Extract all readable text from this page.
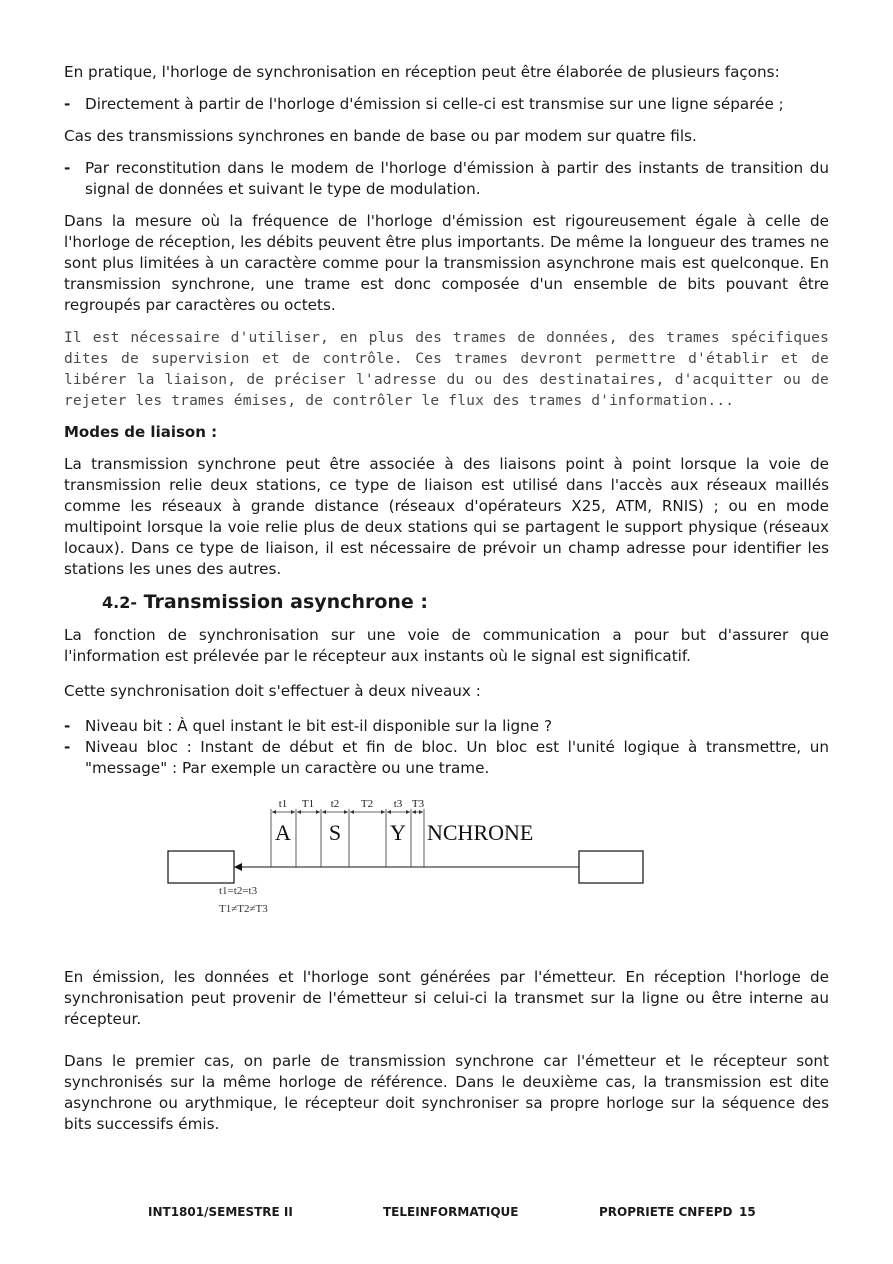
En pratique, l'horloge de synchronisation en réception peut être élaborée de plusieurs façons:

- Directement à partir de l'horloge d'émission si celle-ci est transmise sur une ligne séparée ;

Cas des transmissions synchrones en bande de base ou par modem sur quatre fils.

- Par reconstitution dans le modem de l'horloge d'émission à partir des instants de transition du signal de données et suivant le type de modulation.

Dans la mesure où la fréquence de l'horloge d'émission est rigoureusement égale à celle de l'horloge de réception, les débits peuvent être plus importants. De même la longueur des trames ne sont plus limitées à un caractère comme pour la transmission asynchrone mais est quelconque. En transmission synchrone, une trame est donc composée d'un ensemble de bits pouvant être regroupés par caractères ou octets.

Il est nécessaire d'utiliser, en plus des trames de données, des trames spécifiques dites de supervision et de contrôle. Ces trames devront permettre d'établir et de libérer la liaison, de préciser l'adresse du ou des destinataires, d'acquitter ou de rejeter les trames émises, de contrôler le flux des trames d'information...

Modes de liaison :

La transmission synchrone peut être associée à des liaisons point à point lorsque la voie de transmission relie deux stations, ce type de liaison est utilisé dans l'accès aux réseaux maillés comme les réseaux à grande distance (réseaux d'opérateurs X25, ATM, RNIS) ; ou en mode multipoint lorsque la voie relie plus de deux stations qui se partagent le support physique (réseaux locaux). Dans ce type de liaison, il est nécessaire de prévoir un champ adresse pour identifier les stations les unes des autres.

4.2- Transmission asynchrone :

La fonction de synchronisation sur une voie de communication a pour but d'assurer que l'information est prélevée par le récepteur aux instants où le signal est significatif.

Cette synchronisation doit s'effectuer à deux niveaux :

- Niveau bit : À quel instant le bit est-il disponible sur la ligne ?
- Niveau bloc : Instant de début et fin de bloc. Un bloc est l'unité logique à transmettre, un "message" : Par exemple un caractère ou une trame.
t1 T1 t2 T2 t3 T3
A S Y NCHRONE
t1=t2=t3
T1≠T2≠T3

En émission, les données et l'horloge sont générées par l'émetteur. En réception l'horloge de synchronisation peut provenir de l'émetteur si celui-ci la transmet sur la ligne ou être interne au récepteur.

Dans le premier cas, on parle de transmission synchrone car l'émetteur et le récepteur sont synchronisés sur la même horloge de référence. Dans le deuxième cas, la transmission est dite asynchrone ou arythmique, le récepteur doit synchroniser sa propre horloge sur la séquence des bits successifs émis.

INT1801/SEMESTRE II	TELEINFORMATIQUE	PROPRIETE CNFEPD 15
